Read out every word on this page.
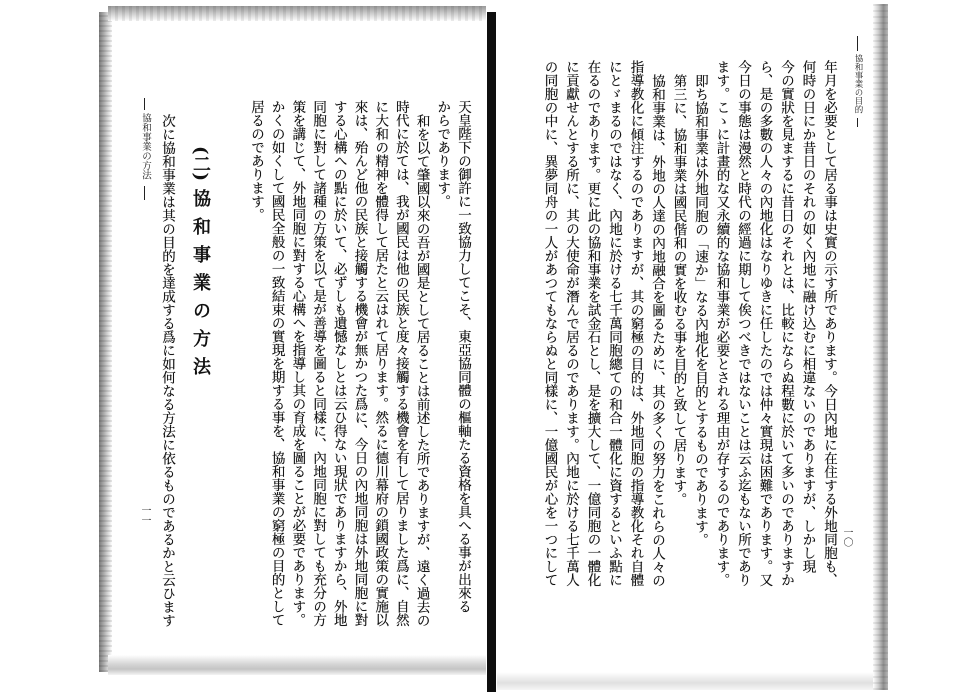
協和事業の目的
一〇
年月を必要として居る事は史實の示す所であります。今日內地に在住する外地同胞も、
何時の日にか昔日のそれの如く內地に融け込むに相違ないのでありますが、しかし現
今の實狀を見まするに昔日のそれとは、比較にならぬ程數に於いて多いのでありますか
ら、是の多數の人々の內地化はなりゆきに任したのでは仲々實現は困難であります。又
今日の事態は漫然と時代の經過に期して俟つべきではないことは云ふ迄もない所であり
ます。こゝに計畫的な又永續的な協和事業が必要とされる理由が存するのであります。
即ち協和事業は外地同胞の「速か」なる內地化を目的とするものであります。
第三に、協和事業は國民偕和の實を收むる事を目的と致して居ります。
協和事業は、外地の人達の內地融合を圖るために、其の多くの努力をこれらの人々の
指導教化に傾注するのでありますが、其の窮極の目的は、外地同胞の指導教化それ自體
にとゞまるのではなく、內地に於ける七千萬同胞總ての和合一體化に資するといふ點に
在るのであります。更に此の協和事業を試金石とし、是を擴大して、一億同胞の一體化
に貢獻せんとする所に、其の大使命が潛んで居るのであります。內地に於ける七千萬人
の同胞の中に、異夢同舟の一人があつてもならぬと同樣に、一億國民が心を一つにして
天皇陛下の御許に一致協力してこそ、東亞協同體の樞軸たる資格を具へる事が出來る
からであります。
和を以て肇國以來の吾が國是として居ることは前述した所でありますが、遠く過去の
時代に於ては、我が國民は他の民族と度々接觸する機會を有して居りました爲に、自然
に大和の精神を體得して居たと云はれて居ります。然るに德川幕府の鎖國政策の實施以
來は、殆んど他の民族と接觸する機會が無かつた爲に、今日の內地同胞は外地同胞に對
する心構への點に於いて、必ずしも遺憾なしとは云ひ得ない現狀でありますから、外地
同胞に對して諸種の方策を以て是が善導を圖ると同樣に、內地同胞に對しても充分の方
策を講じて、外地同胞に對する心構へを指導し其の育成を圖ることが必要であります。
かくの如くして國民全般の一致結束の實現を期する事を、協和事業の窮極の目的として
居るのであります。
(二)協和事業の方法
次に協和事業は其の目的を達成する爲に如何なる方法に依るものであるかと云ひます
協和事業の方法
一一
